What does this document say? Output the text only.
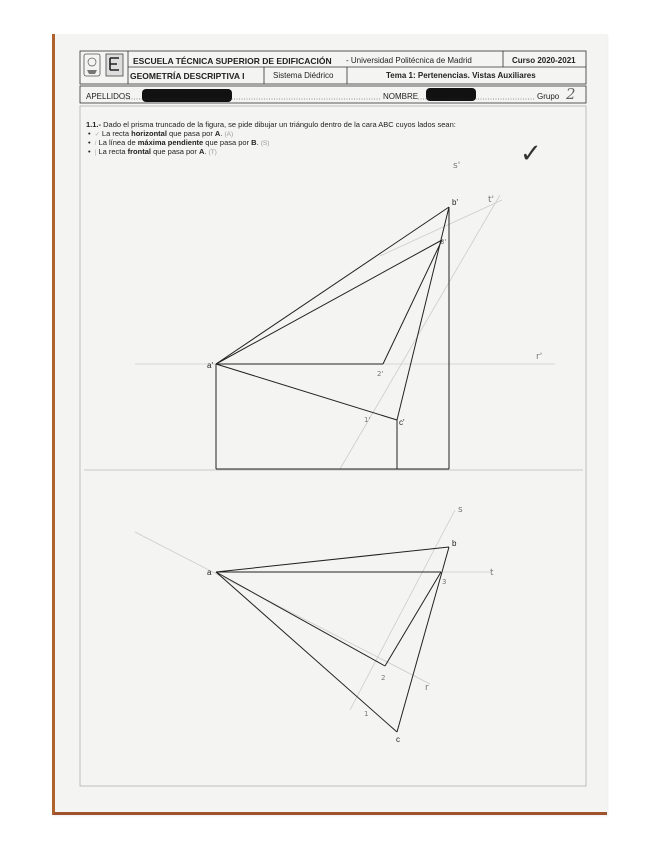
ESCUELA TÉCNICA SUPERIOR DE EDIFICACIÓN - Universidad Politécnica de Madrid	Curso 2020-2021
GEOMETRÍA DESCRIPTIVA I	Sistema Diédrico	Tema 1: Pertenencias. Vistas Auxiliares
APELLIDOS	NOMBRE	Grupo 2
1.1.- Dado el prisma truncado de la figura, se pide dibujar un triángulo dentro de la cara ABC cuyos lados sean:
•  ✓ La recta horizontal que pasa por A. (A)
•  / La línea de máxima pendiente que pasa por B. (S)
•  | La recta frontal que pasa por A. (T)	✓
a'
b'
c'
s'
t'
r'
1'
2'
3'
a
b
c
s
t
r
1
2
3
